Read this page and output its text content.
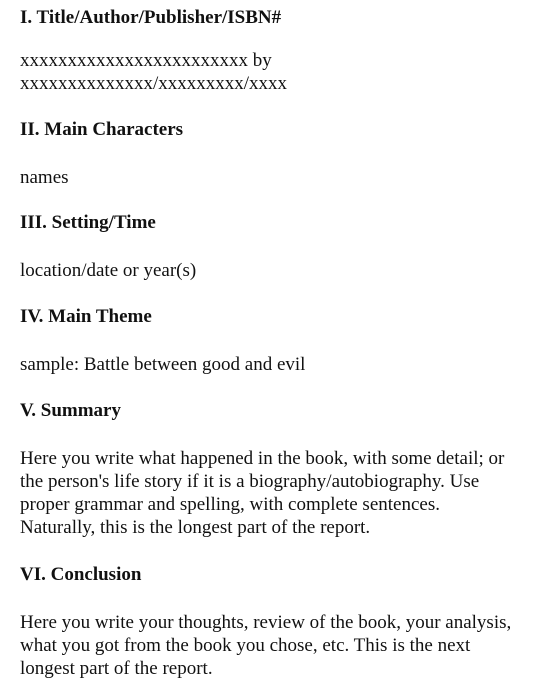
I. Title/Author/Publisher/ISBN#
xxxxxxxxxxxxxxxxxxxxxxxx by
xxxxxxxxxxxxxx/xxxxxxxxx/xxxx
II. Main Characters
names
III. Setting/Time
location/date or year(s)
IV. Main Theme
sample: Battle between good and evil
V. Summary
Here you write what happened in the book, with some detail; or
the person's life story if it is a biography/autobiography. Use
proper grammar and spelling, with complete sentences.
Naturally, this is the longest part of the report.
VI. Conclusion
Here you write your thoughts, review of the book, your analysis,
what you got from the book you chose, etc. This is the next
longest part of the report.
